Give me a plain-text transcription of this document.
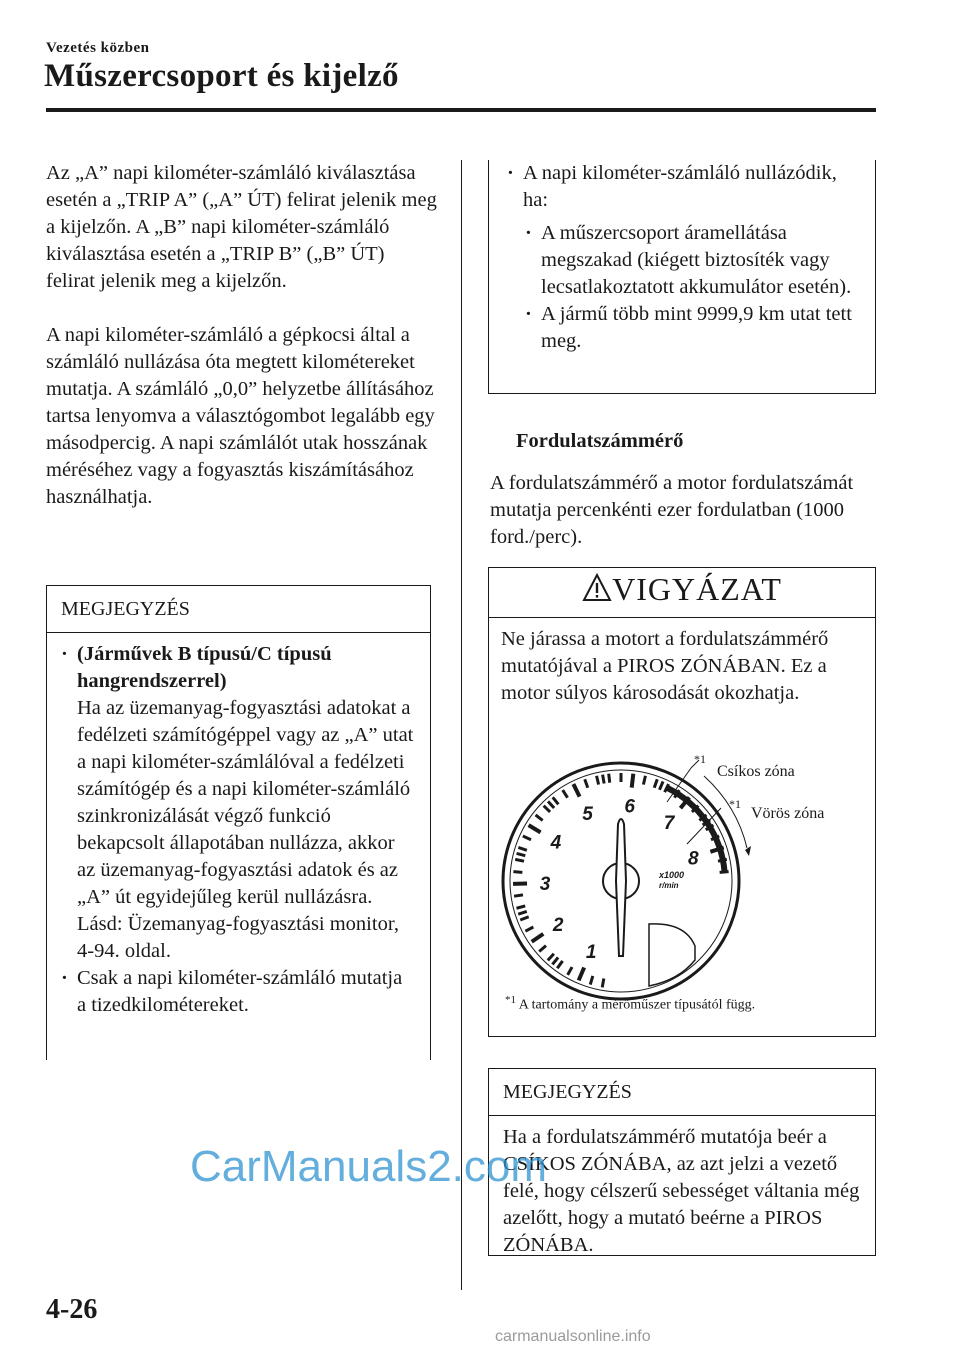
Vezetés közben
Műszercsoport és kijelző

Az „A” napi kilométer-számláló kiválasztása esetén a „TRIP A” („A” ÚT) felirat jelenik meg a kijelzőn. A „B” napi kilométer-számláló kiválasztása esetén a „TRIP B” („B” ÚT) felirat jelenik meg a kijelzőn.

A napi kilométer-számláló a gépkocsi által a számláló nullázása óta megtett kilométereket mutatja. A számláló „0,0” helyzetbe állításához tartsa lenyomva a választógombot legalább egy másodpercig. A napi számlálót utak hosszának méréséhez vagy a fogyasztás kiszámításához használhatja.

MEGJEGYZÉS
· (Járművek B típusú/C típusú hangrendszerrel)
Ha az üzemanyag-fogyasztási adatokat a fedélzeti számítógéppel vagy az „A” utat a napi kilométer-számlálóval a fedélzeti számítógép és a napi kilométer-számláló szinkronizálását végző funkció bekapcsolt állapotában nullázza, akkor az üzemanyag-fogyasztási adatok és az „A” út egyidejűleg kerül nullázásra.
Lásd: Üzemanyag-fogyasztási monitor, 4-94. oldal.
· Csak a napi kilométer-számláló mutatja a tizedkilométereket.
· A napi kilométer-számláló nullázódik, ha:
· A műszercsoport áramellátása megszakad (kiégett biztosíték vagy lecsatlakoztatott akkumulátor esetén).
· A jármű több mint 9999,9 km utat tett meg.
Fordulatszámmérő
A fordulatszámmérő a motor fordulatszámát mutatja percenkénti ezer fordulatban (1000 ford./perc).
VIGYÁZAT
Ne járassa a motort a fordulatszámmérő mutatójával a PIROS ZÓNÁBAN. Ez a motor súlyos károsodását okozhatja.
1
2
3
4
5 6
7
8
x1000
r/min
*1
Csíkos zóna
*1
Vörös zóna
$^{*1}$ A tartomány a mérőműszer típusától függ.
MEGJEGYZÉS
Ha a fordulatszámmérő mutatója beér a CSÍKOS ZÓNÁBA, az azt jelzi a vezető felé, hogy célszerű sebességet váltania még azelőtt, hogy a mutató beérne a PIROS ZÓNÁBA.
4-26
CarManuals2.com
carmanualsonline.info
